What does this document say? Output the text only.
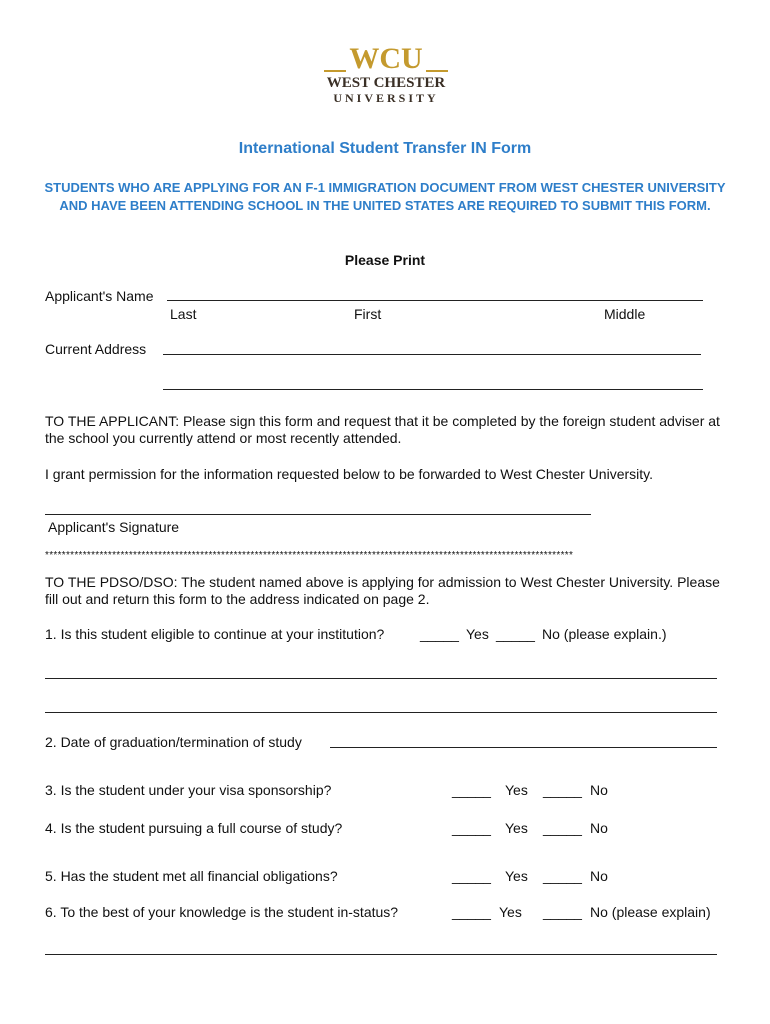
WCU
WEST CHESTER
UNIVERSITY
International Student Transfer IN Form
STUDENTS WHO ARE APPLYING FOR AN F-1 IMMIGRATION DOCUMENT FROM WEST CHESTER UNIVERSITY AND HAVE BEEN ATTENDING SCHOOL IN THE UNITED STATES ARE REQUIRED TO SUBMIT THIS FORM.
Please Print
Applicant's Name
Last	First	Middle
Current Address
TO THE APPLICANT: Please sign this form and request that it be completed by the foreign student adviser at the school you currently attend or most recently attended.
I grant permission for the information requested below to be forwarded to West Chester University.
Applicant's Signature
******************************************************************************************************************************
TO THE PDSO/DSO: The student named above is applying for admission to West Chester University. Please fill out and return this form to the address indicated on page 2.
1. Is this student eligible to continue at your institution?	_____ Yes _____ No (please explain.)
2. Date of graduation/termination of study
3. Is the student under your visa sponsorship?	_____ Yes _____ No
4. Is the student pursuing a full course of study?	_____ Yes _____ No
5. Has the student met all financial obligations?	_____ Yes _____ No
6. To the best of your knowledge is the student in-status?	_____ Yes _____ No (please explain)
